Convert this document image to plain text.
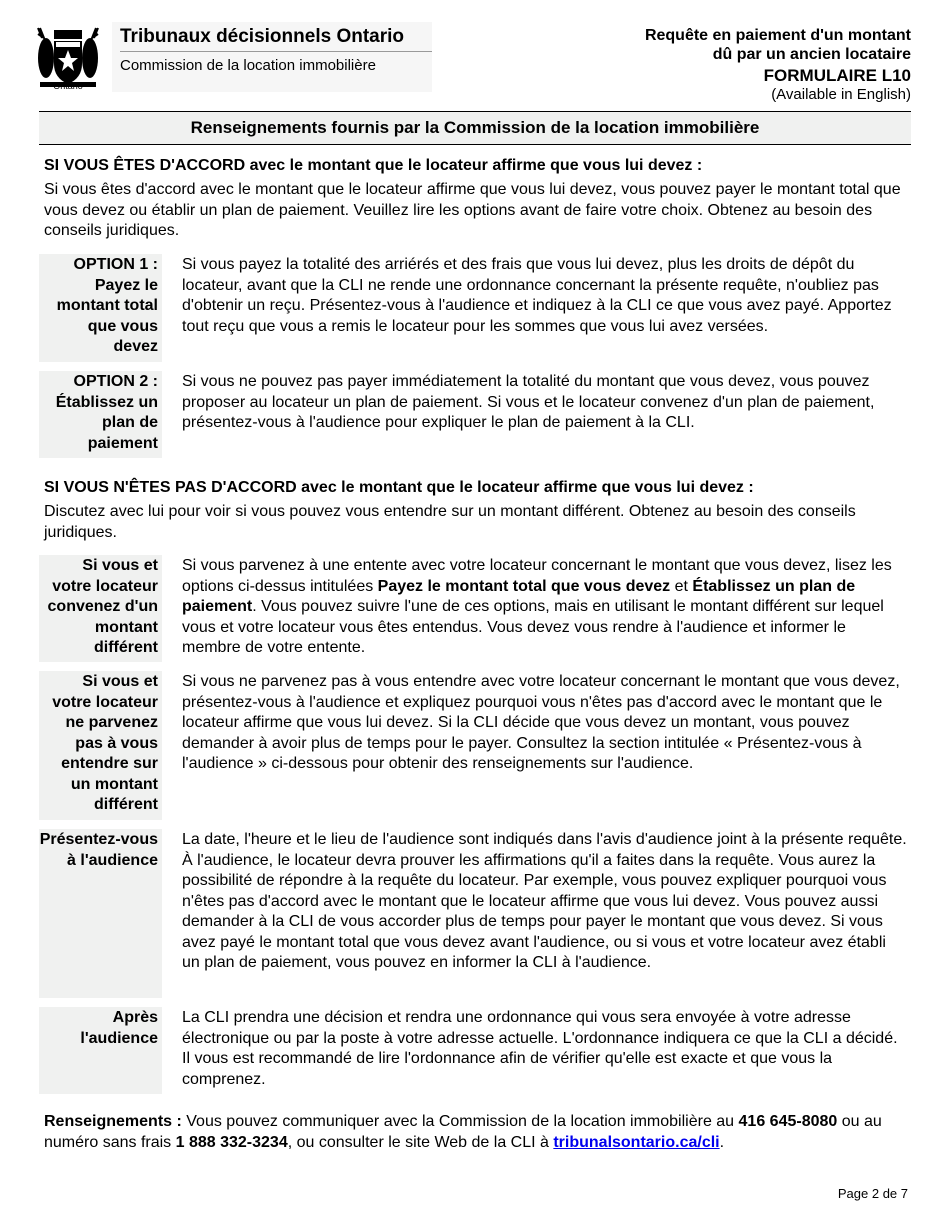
Ontario
Tribunaux décisionnels Ontario
Commission de la location immobilière
Requête en paiement d'un montant
dû par un ancien locataire
FORMULAIRE L10
(Available in English)
Renseignements fournis par la Commission de la location immobilière
SI VOUS ÊTES D'ACCORD avec le montant que le locateur affirme que vous lui devez :
Si vous êtes d'accord avec le montant que le locateur affirme que vous lui devez, vous pouvez payer le montant total que vous devez ou établir un plan de paiement. Veuillez lire les options avant de faire votre choix. Obtenez au besoin des conseils juridiques.
OPTION 1 : Payez le montant total que vous devez
Si vous payez la totalité des arriérés et des frais que vous lui devez, plus les droits de dépôt du locateur, avant que la CLI ne rende une ordonnance concernant la présente requête, n'oubliez pas d'obtenir un reçu. Présentez-vous à l'audience et indiquez à la CLI ce que vous avez payé. Apportez tout reçu que vous a remis le locateur pour les sommes que vous lui avez versées.
OPTION 2 : Établissez un plan de paiement
Si vous ne pouvez pas payer immédiatement la totalité du montant que vous devez, vous pouvez proposer au locateur un plan de paiement. Si vous et le locateur convenez d'un plan de paiement, présentez-vous à l'audience pour expliquer le plan de paiement à la CLI.
SI VOUS N'ÊTES PAS D'ACCORD avec le montant que le locateur affirme que vous lui devez :
Discutez avec lui pour voir si vous pouvez vous entendre sur un montant différent. Obtenez au besoin des conseils juridiques.
Si vous et votre locateur convenez d'un montant différent
Si vous parvenez à une entente avec votre locateur concernant le montant que vous devez, lisez les options ci-dessus intitulées Payez le montant total que vous devez et Établissez un plan de paiement. Vous pouvez suivre l'une de ces options, mais en utilisant le montant différent sur lequel vous et votre locateur vous êtes entendus. Vous devez vous rendre à l'audience et informer le membre de votre entente.
Si vous et votre locateur ne parvenez pas à vous entendre sur un montant différent
Si vous ne parvenez pas à vous entendre avec votre locateur concernant le montant que vous devez, présentez-vous à l'audience et expliquez pourquoi vous n'êtes pas d'accord avec le montant que le locateur affirme que vous lui devez. Si la CLI décide que vous devez un montant, vous pouvez demander à avoir plus de temps pour le payer. Consultez la section intitulée « Présentez-vous à l'audience » ci-dessous pour obtenir des renseignements sur l'audience.
Présentez-vous à l'audience
La date, l'heure et le lieu de l'audience sont indiqués dans l'avis d'audience joint à la présente requête. À l'audience, le locateur devra prouver les affirmations qu'il a faites dans la requête. Vous aurez la possibilité de répondre à la requête du locateur. Par exemple, vous pouvez expliquer pourquoi vous n'êtes pas d'accord avec le montant que le locateur affirme que vous lui devez. Vous pouvez aussi demander à la CLI de vous accorder plus de temps pour payer le montant que vous devez. Si vous avez payé le montant total que vous devez avant l'audience, ou si vous et votre locateur avez établi un plan de paiement, vous pouvez en informer la CLI à l'audience.
Après l'audience
La CLI prendra une décision et rendra une ordonnance qui vous sera envoyée à votre adresse électronique ou par la poste à votre adresse actuelle. L'ordonnance indiquera ce que la CLI a décidé. Il vous est recommandé de lire l'ordonnance afin de vérifier qu'elle est exacte et que vous la comprenez.
Renseignements : Vous pouvez communiquer avec la Commission de la location immobilière au 416 645-8080 ou au numéro sans frais 1 888 332-3234, ou consulter le site Web de la CLI à tribunalsontario.ca/cli.
Page 2 de 7
